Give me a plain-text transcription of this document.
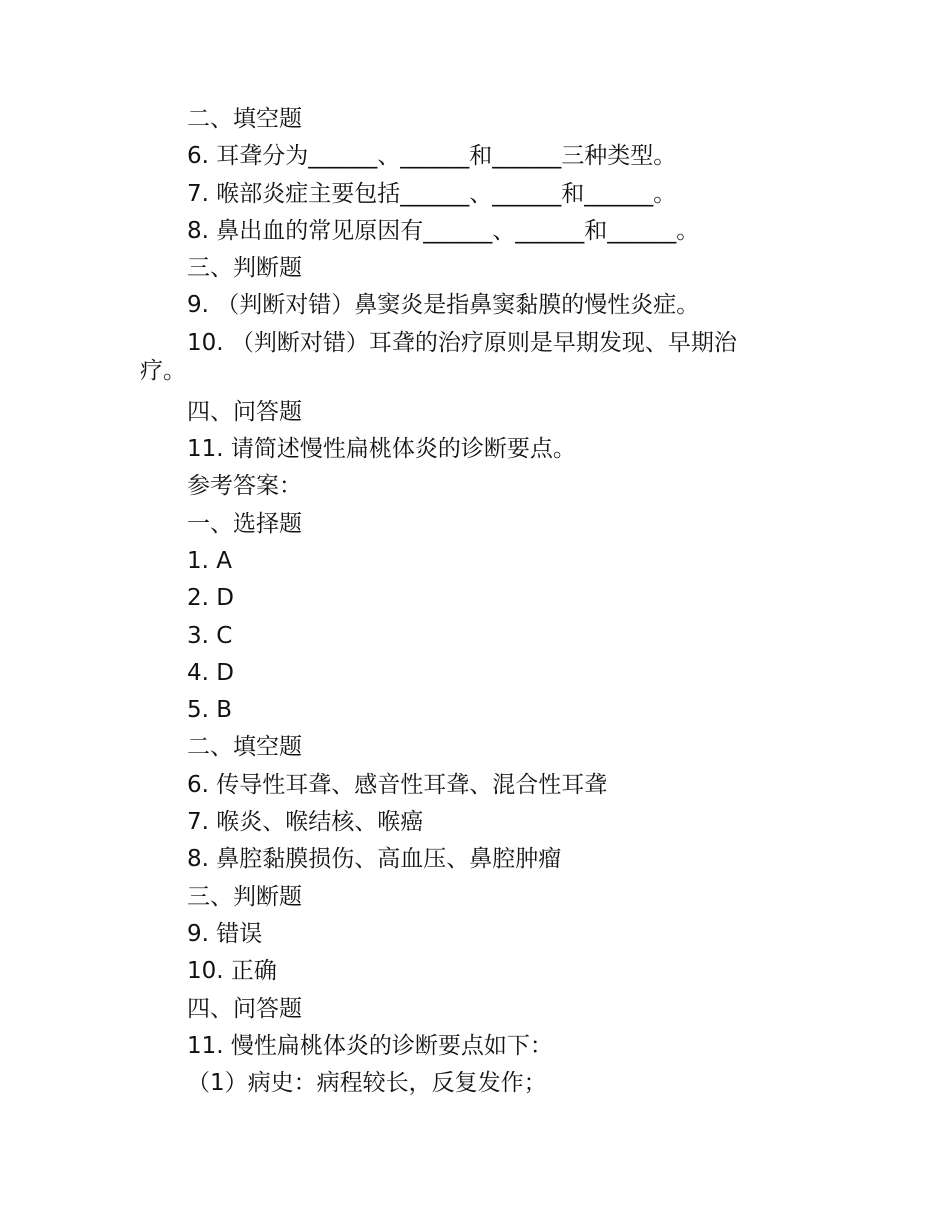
二、填空题

6. 耳聋分为______、______和______三种类型。

7. 喉部炎症主要包括______、______和______。

8. 鼻出血的常见原因有______、______和______。

三、判断题

9. （判断对错）鼻窦炎是指鼻窦黏膜的慢性炎症。

10. （判断对错）耳聋的治疗原则是早期发现、早期治

疗。

四、问答题

11. 请简述慢性扁桃体炎的诊断要点。

参考答案：

一、选择题

1. A

2. D

3. C

4. D

5. B

二、填空题

6. 传导性耳聋、感音性耳聋、混合性耳聋

7. 喉炎、喉结核、喉癌

8. 鼻腔黏膜损伤、高血压、鼻腔肿瘤

三、判断题

9. 错误

10. 正确

四、问答题

11. 慢性扁桃体炎的诊断要点如下：

（1）病史：病程较长，反复发作；
